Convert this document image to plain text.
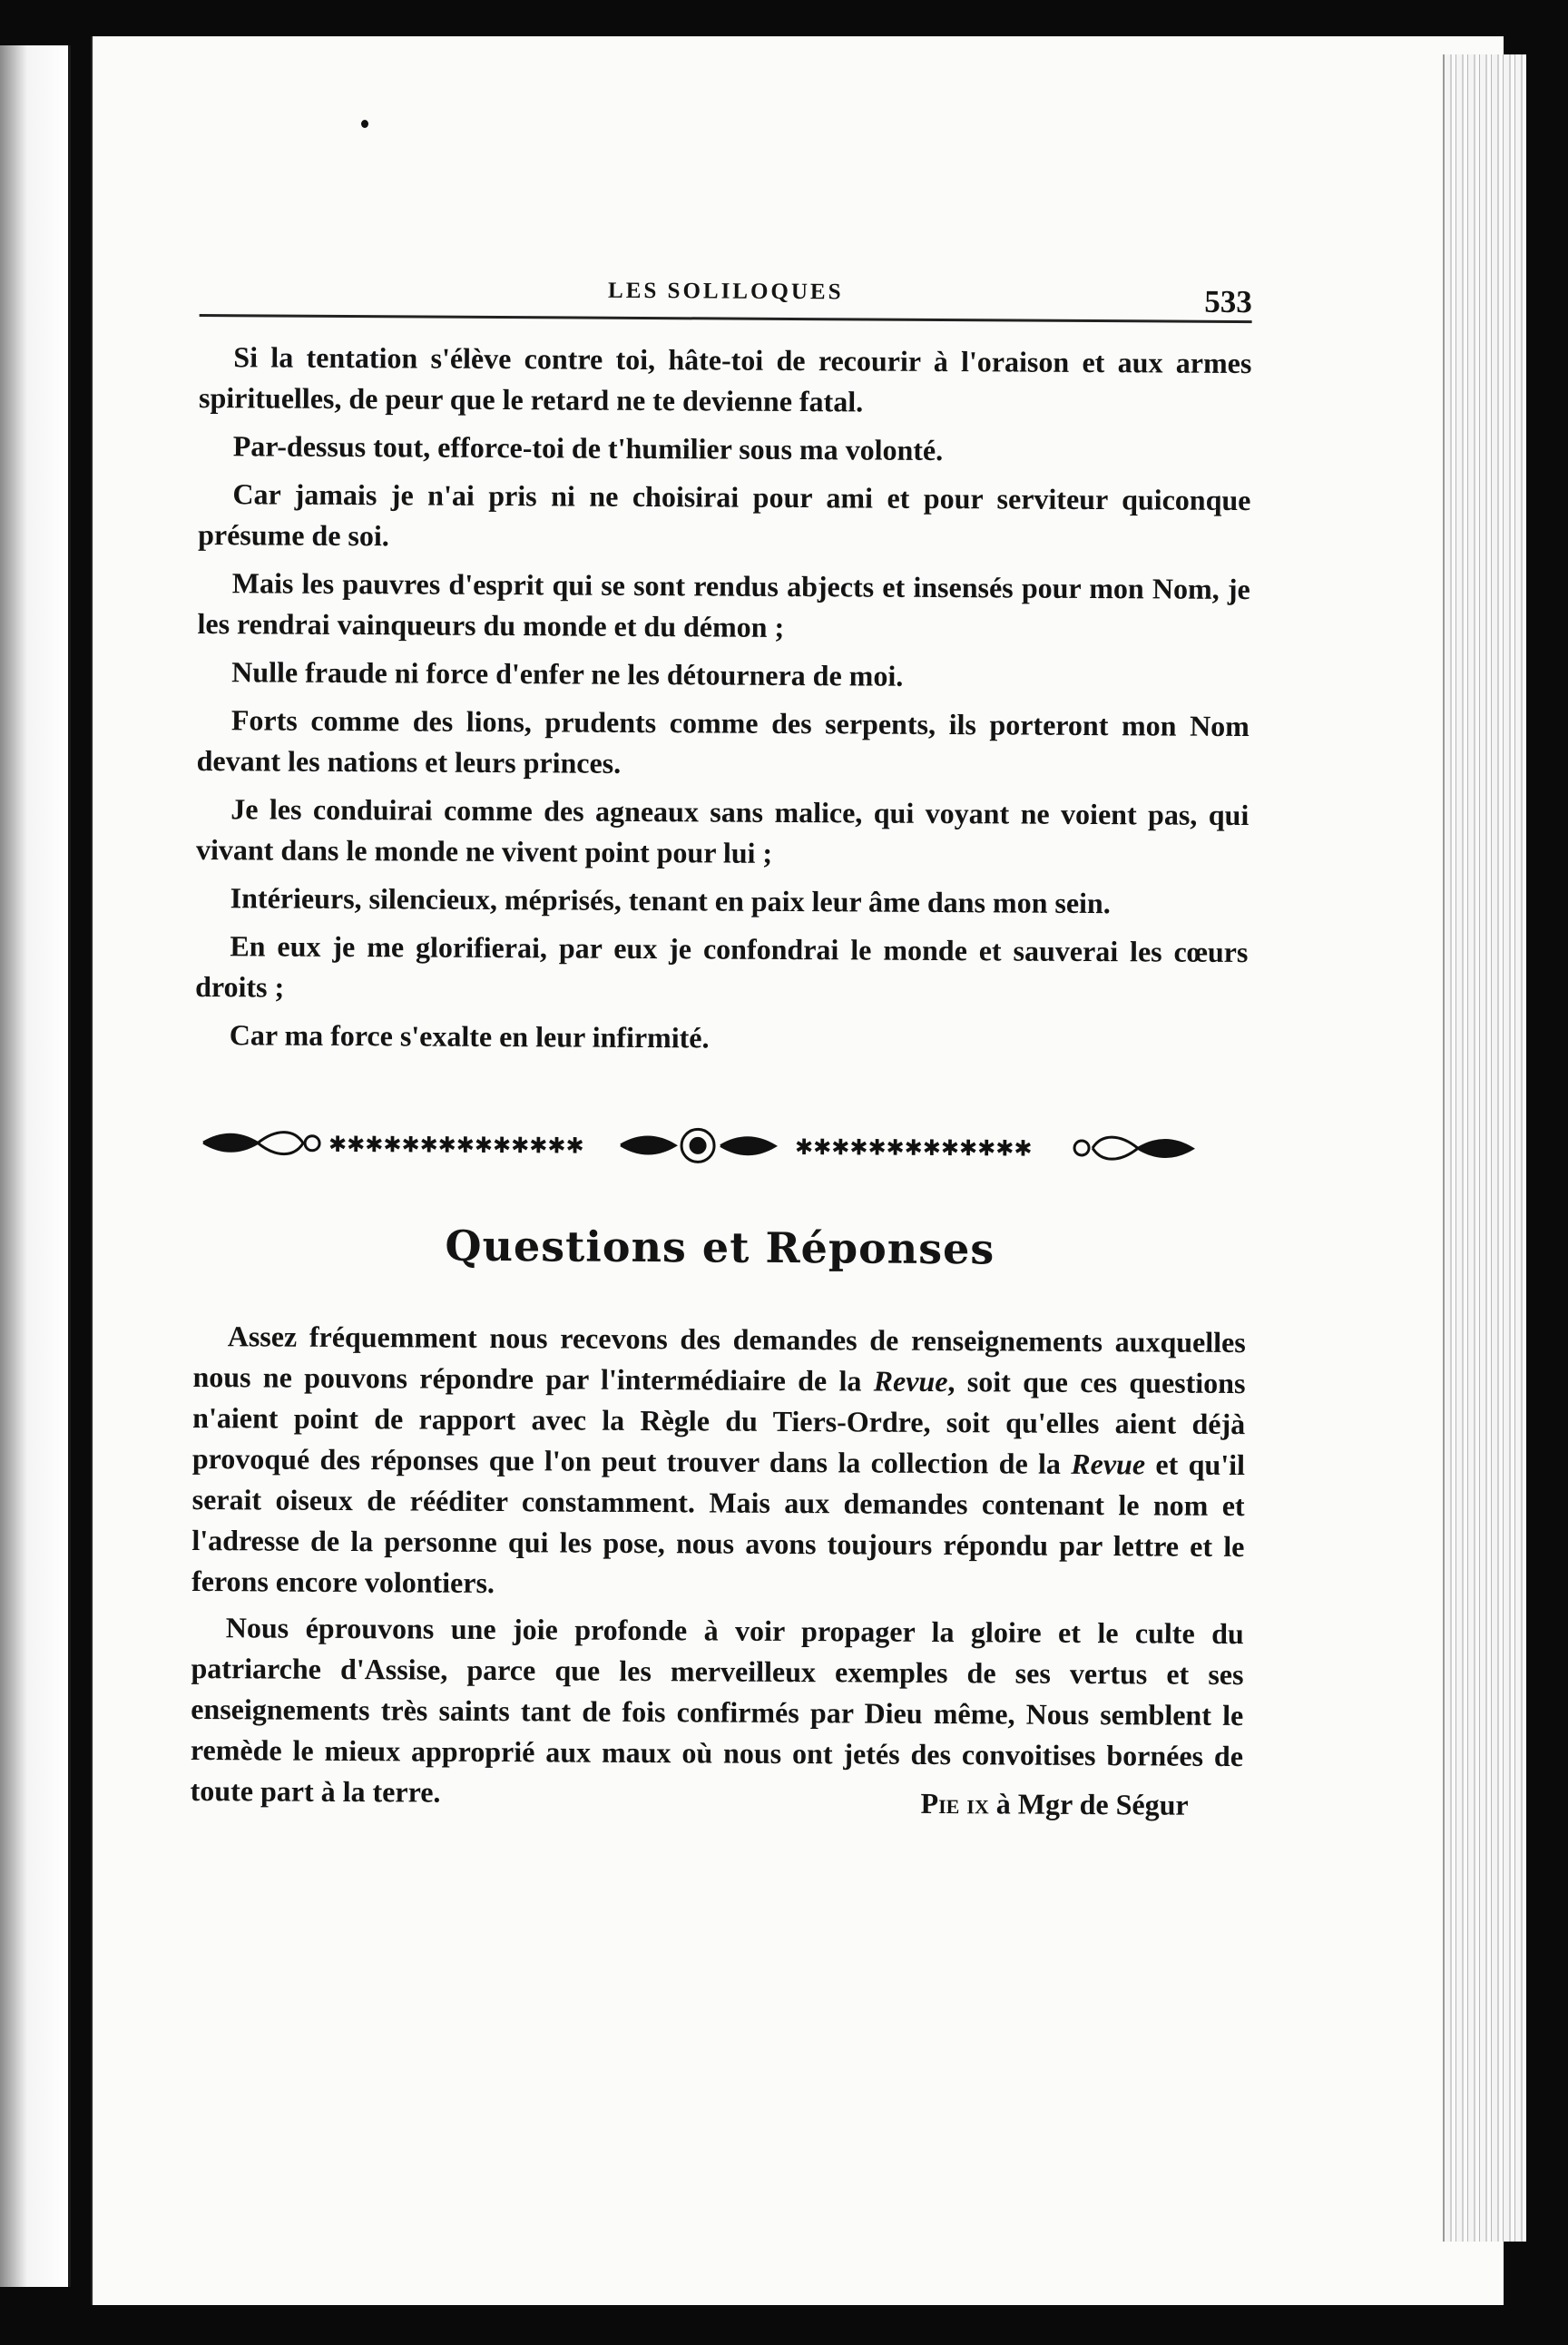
LES SOLILOQUES	533

Si la tentation s'élève contre toi, hâte-toi de recourir à l'oraison et aux armes spirituelles, de peur que le retard ne te devienne fatal.

Par-dessus tout, efforce-toi de t'humilier sous ma volonté.

Car jamais je n'ai pris ni ne choisirai pour ami et pour serviteur quiconque présume de soi.

Mais les pauvres d'esprit qui se sont rendus abjects et insensés pour mon Nom, je les rendrai vainqueurs du monde et du démon ;

Nulle fraude ni force d'enfer ne les détournera de moi.

Forts comme des lions, prudents comme des serpents, ils porteront mon Nom devant les nations et leurs princes.

Je les conduirai comme des agneaux sans malice, qui voyant ne voient pas, qui vivant dans le monde ne vivent point pour lui ;

Intérieurs, silencieux, méprisés, tenant en paix leur âme dans mon sein.

En eux je me glorifierai, par eux je confondrai le monde et sauverai les cœurs droits ;

Car ma force s'exalte en leur infirmité.

✱✱✱✱✱✱✱✱✱✱✱✱✱✱	✱✱✱✱✱✱✱✱✱✱✱✱✱
Questions et Réponses

Assez fréquemment nous recevons des demandes de renseignements auxquelles nous ne pouvons répondre par l'intermédiaire de la Revue, soit que ces questions n'aient point de rapport avec la Règle du Tiers-Ordre, soit qu'elles aient déjà provoqué des réponses que l'on peut trouver dans la collection de la Revue et qu'il serait oiseux de rééditer constamment. Mais aux demandes contenant le nom et l'adresse de la personne qui les pose, nous avons toujours répondu par lettre et le ferons encore volontiers.

Nous éprouvons une joie profonde à voir propager la gloire et le culte du patriarche d'Assise, parce que les merveilleux exemples de ses vertus et ses enseignements très saints tant de fois confirmés par Dieu même, Nous semblent le remède le mieux approprié aux maux où nous ont jetés des convoitises bornées de toute part à la terre.	Pie ix à Mgr de Ségur
